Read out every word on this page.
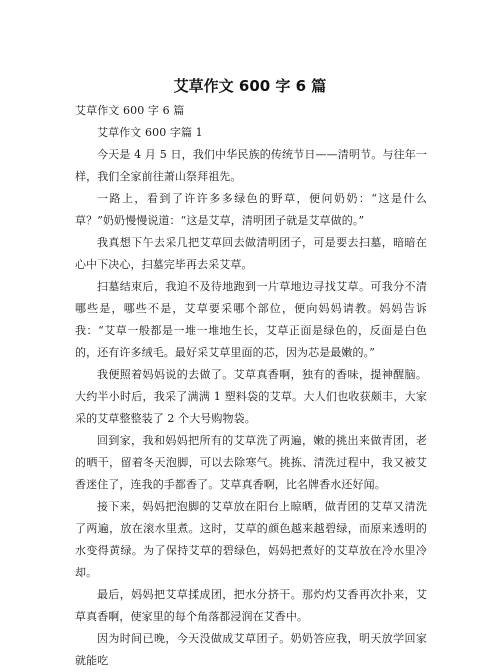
艾草作文 600 字 6 篇

艾草作文 600 字 6 篇

艾草作文 600 字篇 1

今天是 4 月 5 日，我们中华民族的传统节日——清明节。与往年一样，我们全家前往萧山祭拜祖先。

一路上，看到了许许多多绿色的野草，便问奶奶：“这是什么草？”奶奶慢慢说道：“这是艾草，清明团子就是艾草做的。”

我真想下午去采几把艾草回去做清明团子，可是要去扫墓，暗暗在心中下决心，扫墓完毕再去采艾草。

扫墓结束后，我迫不及待地跑到一片草地边寻找艾草。可我分不清哪些是，哪些不是，艾草要采哪个部位，便向妈妈请教。妈妈告诉我：“艾草一般都是一堆一堆地生长，艾草正面是绿色的，反面是白色的，还有许多绒毛。最好采艾草里面的芯，因为芯是最嫩的。”

我便照着妈妈说的去做了。艾草真香啊，独有的香味，提神醒脑。大约半小时后，我采了满满 1 塑料袋的艾草。大人们也收获颇丰，大家采的艾草整整装了 2 个大号购物袋。

回到家，我和妈妈把所有的艾草洗了两遍，嫩的挑出来做青团，老的晒干，留着冬天泡脚，可以去除寒气。挑拣、清洗过程中，我又被艾香迷住了，连我的手都香了。艾草真香啊，比名牌香水还好闻。

接下来，妈妈把泡脚的艾草放在阳台上晾晒，做青团的艾草又清洗了两遍，放在滚水里煮。这时，艾草的颜色越来越碧绿，而原来透明的水变得黄绿。为了保持艾草的碧绿色，妈妈把煮好的艾草放在冷水里冷却。

最后，妈妈把艾草揉成团，把水分挤干。那灼灼艾香再次扑来，艾草真香啊，使家里的每个角落都浸润在艾香中。

因为时间已晚，今天没做成艾草团子。奶奶答应我，明天放学回家就能吃
